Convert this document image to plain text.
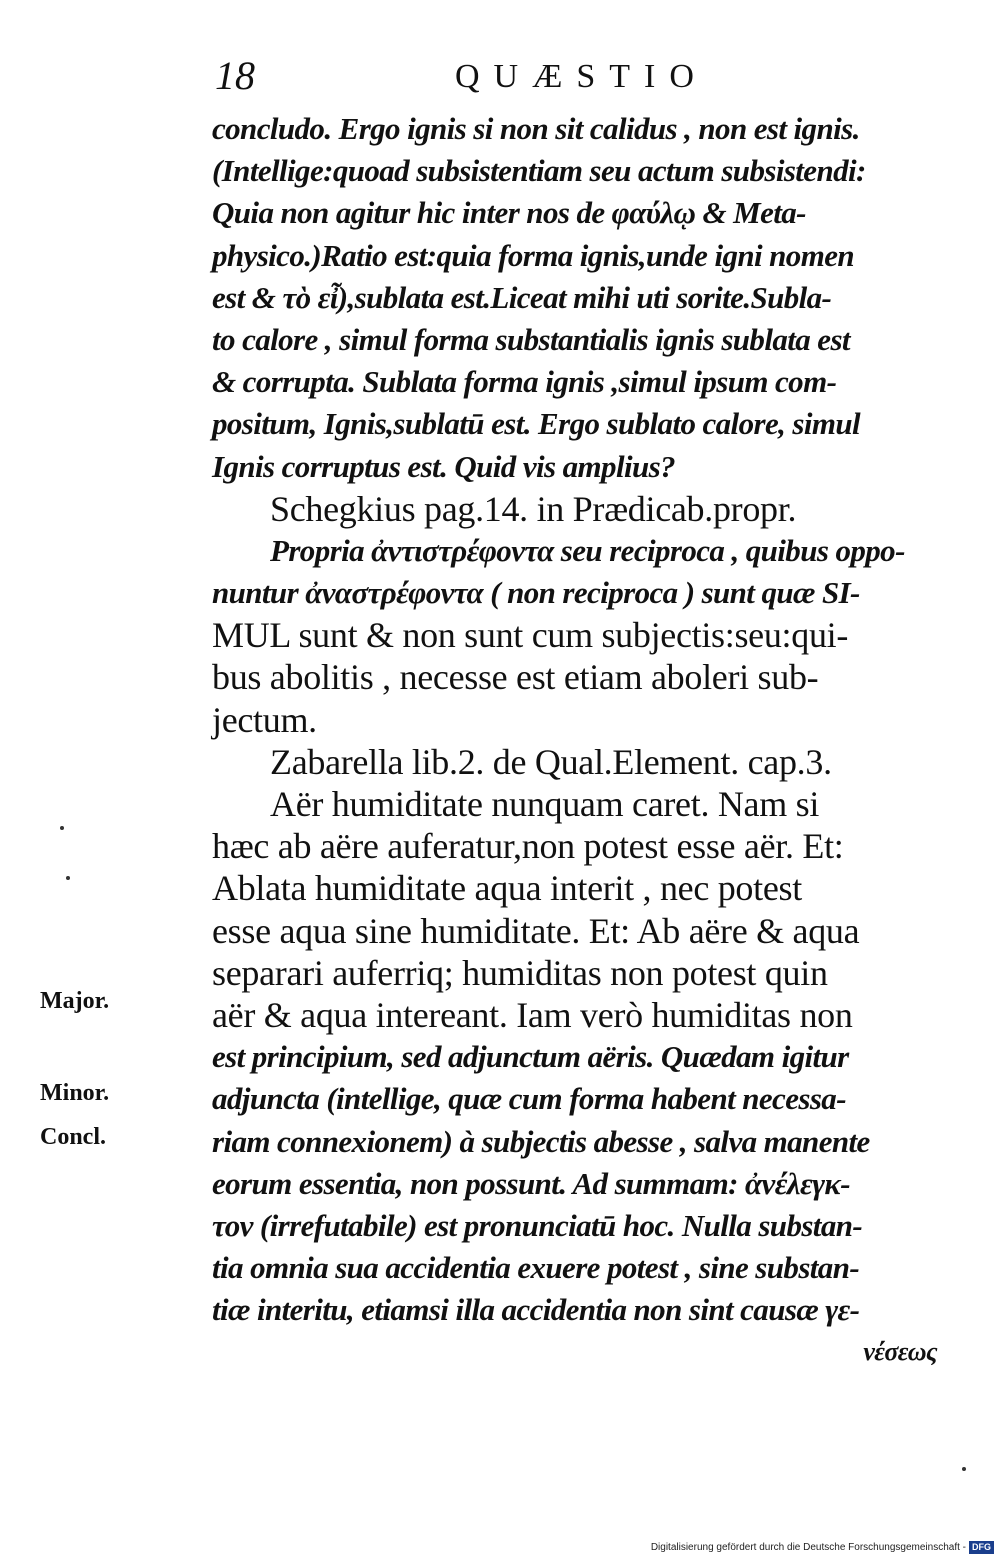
18	QUÆSTIO
concludo. Ergo ignis si non sit calidus , non est ignis.
(Intellige:quoad subsistentiam seu actum subsistendi:
Quia non agitur hic inter nos de φαύλῳ & Meta-
physico.)Ratio est:quia forma ignis,unde igni nomen
est & τὸ εἶ),sublata est.Liceat mihi uti sorite.Subla-
to calore , simul forma substantialis ignis sublata est
& corrupta. Sublata forma ignis ,simul ipsum com-
positum, Ignis,sublatū est. Ergo sublato calore, simul
Ignis corruptus est. Quid vis amplius?
Schegkius pag.14. in Prædicab.propr.
Propria ἀντιστρέφοντα seu reciproca , quibus oppo-
nuntur ἀναστρέφοντα ( non reciproca ) sunt quæ SI-
MUL sunt & non sunt cum subjectis:seu:qui-
bus abolitis , necesse est etiam aboleri sub-
jectum.
Zabarella lib.2. de Qual.Element. cap.3.
Aër humiditate nunquam caret. Nam si
hæc ab aëre auferatur,non potest esse aër. Et:
Ablata humiditate aqua interit , nec potest
esse aqua sine humiditate. Et: Ab aëre & aqua
separari auferriq; humiditas non potest quin
aër & aqua intereant. Iam verò humiditas non
est principium, sed adjunctum aëris. Quædam igitur
adjuncta (intellige, quæ cum forma habent necessa-
riam connexionem) à subjectis abesse , salva manente
eorum essentia, non possunt. Ad summam: ἀνέλεγκ-
τον (irrefutabile) est pronunciatū hoc. Nulla substan-
tia omnia sua accidentia exuere potest , sine substan-
tiæ interitu, etiamsi illa accidentia non sint causæ γε-
νέσεως
Major.
Minor.
Concl.
Digitalisierung gefördert durch die Deutsche Forschungsgemeinschaft - DFG
